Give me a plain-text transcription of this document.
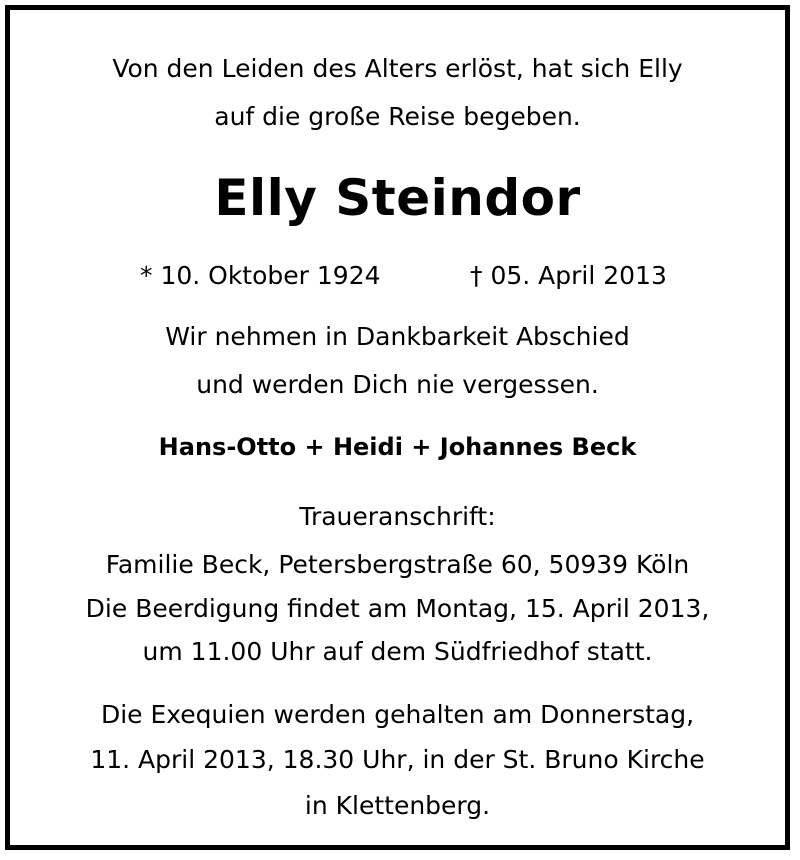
Von den Leiden des Alters erlöst, hat sich Elly
auf die große Reise begeben.
Elly Steindor
* 10. Oktober 1924	† 05. April 2013
Wir nehmen in Dankbarkeit Abschied
und werden Dich nie vergessen.
Hans-Otto + Heidi + Johannes Beck
Traueranschrift:
Familie Beck, Petersbergstraße 60, 50939 Köln
Die Beerdigung findet am Montag, 15. April 2013,
um 11.00 Uhr auf dem Südfriedhof statt.
Die Exequien werden gehalten am Donnerstag,
11. April 2013, 18.30 Uhr, in der St. Bruno Kirche
in Klettenberg.
